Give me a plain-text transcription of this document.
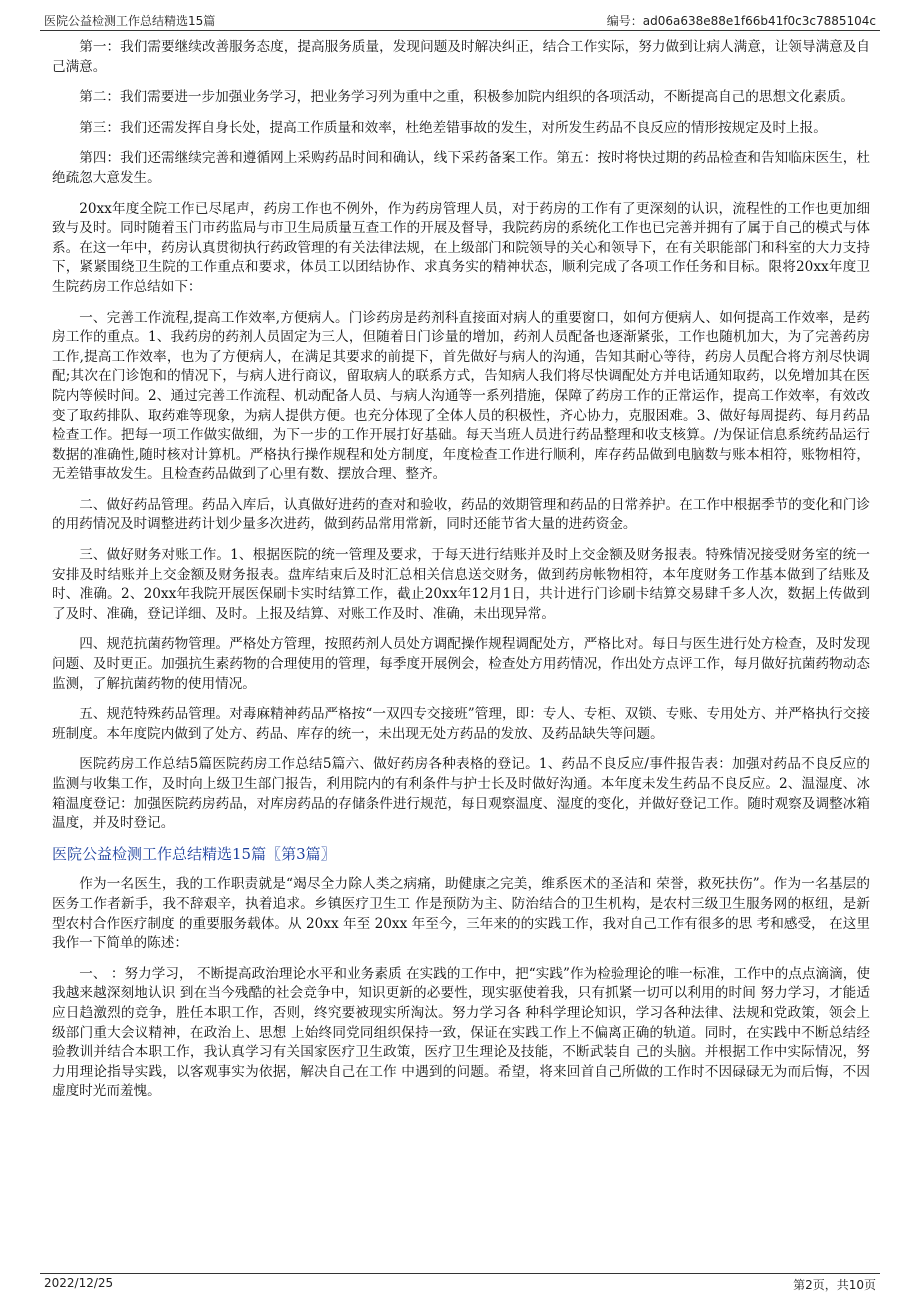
医院公益检测工作总结精选15篇	编号：ad06a638e88e1f66b41f0c3c7885104c

第一：我们需要继续改善服务态度，提高服务质量，发现问题及时解决纠正，结合工作实际，努力做到让病人满意，让领导满意及自己满意。

第二：我们需要进一步加强业务学习，把业务学习列为重中之重，积极参加院内组织的各项活动，不断提高自己的思想文化素质。

第三：我们还需发挥自身长处，提高工作质量和效率，杜绝差错事故的发生，对所发生药品不良反应的情形按规定及时上报。

第四：我们还需继续完善和遵循网上采购药品时间和确认，线下采药备案工作。第五：按时将快过期的药品检查和告知临床医生，杜绝疏忽大意发生。

20xx年度全院工作已尽尾声，药房工作也不例外，作为药房管理人员，对于药房的工作有了更深刻的认识，流程性的工作也更加细致与及时。同时随着玉门市药监局与市卫生局质量互查工作的开展及督导，我院药房的系统化工作也已完善并拥有了属于自己的模式与体系。在这一年中，药房认真贯彻执行药政管理的有关法律法规，在上级部门和院领导的关心和领导下，在有关职能部门和科室的大力支持下，紧紧围绕卫生院的工作重点和要求，体员工以团结协作、求真务实的精神状态，顺利完成了各项工作任务和目标。限将20xx年度卫生院药房工作总结如下：

一、完善工作流程,提高工作效率,方便病人。门诊药房是药剂科直接面对病人的重要窗口，如何方便病人、如何提高工作效率，是药房工作的重点。1、我药房的药剂人员固定为三人，但随着日门诊量的增加，药剂人员配备也逐渐紧张，工作也随机加大，为了完善药房工作,提高工作效率，也为了方便病人，在满足其要求的前提下，首先做好与病人的沟通，告知其耐心等待，药房人员配合将方剂尽快调配;其次在门诊饱和的情况下，与病人进行商议，留取病人的联系方式，告知病人我们将尽快调配处方并电话通知取药，以免增加其在医院内等候时间。2、通过完善工作流程、机动配备人员、与病人沟通等一系列措施，保障了药房工作的正常运作，提高工作效率，有效改变了取药排队、取药难等现象，为病人提供方便。也充分体现了全体人员的积极性，齐心协力，克服困难。3、做好每周提药、每月药品检查工作。把每一项工作做实做细，为下一步的工作开展打好基础。每天当班人员进行药品整理和收支核算。/为保证信息系统药品运行数据的准确性,随时核对计算机。严格执行操作规程和处方制度，年度检查工作进行顺利，库存药品做到电脑数与账本相符，账物相符，无差错事故发生。且检查药品做到了心里有数、摆放合理、整齐。

二、做好药品管理。药品入库后，认真做好进药的查对和验收，药品的效期管理和药品的日常养护。在工作中根据季节的变化和门诊的用药情况及时调整进药计划少量多次进药，做到药品常用常新，同时还能节省大量的进药资金。

三、做好财务对账工作。1、根据医院的统一管理及要求，于每天进行结账并及时上交金额及财务报表。特殊情况接受财务室的统一安排及时结账并上交金额及财务报表。盘库结束后及时汇总相关信息送交财务，做到药房帐物相符，本年度财务工作基本做到了结账及时、准确。2、20xx年我院开展医保刷卡实时结算工作，截止20xx年12月1日，共计进行门诊刷卡结算交易肆千多人次，数据上传做到了及时、准确，登记详细、及时。上报及结算、对账工作及时、准确，未出现异常。

四、规范抗菌药物管理。严格处方管理，按照药剂人员处方调配操作规程调配处方，严格比对。每日与医生进行处方检查，及时发现问题、及时更正。加强抗生素药物的合理使用的管理，每季度开展例会，检查处方用药情况，作出处方点评工作，每月做好抗菌药物动态监测，了解抗菌药物的使用情况。

五、规范特殊药品管理。对毒麻精神药品严格按“一双四专交接班”管理，即：专人、专柜、双锁、专账、专用处方、并严格执行交接班制度。本年度院内做到了处方、药品、库存的统一，未出现无处方药品的发放、及药品缺失等问题。

医院药房工作总结5篇医院药房工作总结5篇六、做好药房各种表格的登记。1、药品不良反应/事件报告表：加强对药品不良反应的监测与收集工作，及时向上级卫生部门报告，利用院内的有利条件与护士长及时做好沟通。本年度未发生药品不良反应。2、温湿度、冰箱温度登记：加强医院药房药品，对库房药品的存储条件进行规范，每日观察温度、湿度的变化，并做好登记工作。随时观察及调整冰箱温度，并及时登记。

医院公益检测工作总结精选15篇〖第3篇〗

作为一名医生，我的工作职责就是“竭尽全力除人类之病痛，助健康之完美，维系医术的圣洁和 荣誉，救死扶伤”。作为一名基层的医务工作者新手，我不辞艰辛，执着追求。乡镇医疗卫生工 作是预防为主、防治结合的卫生机构，是农村三级卫生服务网的枢纽，是新型农村合作医疗制度 的重要服务载体。从 20xx 年至 20xx 年至今，三年来的的实践工作，我对自己工作有很多的思 考和感受， 在这里我作一下简单的陈述：

一、 ：努力学习， 不断提高政治理论水平和业务素质 在实践的工作中，把“实践”作为检验理论的唯一标准，工作中的点点滴滴，使我越来越深刻地认识 到在当今残酷的社会竞争中，知识更新的必要性，现实驱使着我，只有抓紧一切可以利用的时间 努力学习，才能适应日趋激烈的竞争，胜任本职工作，否则，终究要被现实所淘汰。努力学习各 种科学理论知识，学习各种法律、法规和党政策，领会上级部门重大会议精神，在政治上、思想 上始终同党同组织保持一致，保证在实践工作上不偏离正确的轨道。同时，在实践中不断总结经 验教训并结合本职工作，我认真学习有关国家医疗卫生政策，医疗卫生理论及技能，不断武装自 己的头脑。并根据工作中实际情况，努力用理论指导实践，以客观事实为依据，解决自己在工作 中遇到的问题。希望，将来回首自己所做的工作时不因碌碌无为而后悔，不因虚度时光而羞愧。

2022/12/25	第2页，共10页
